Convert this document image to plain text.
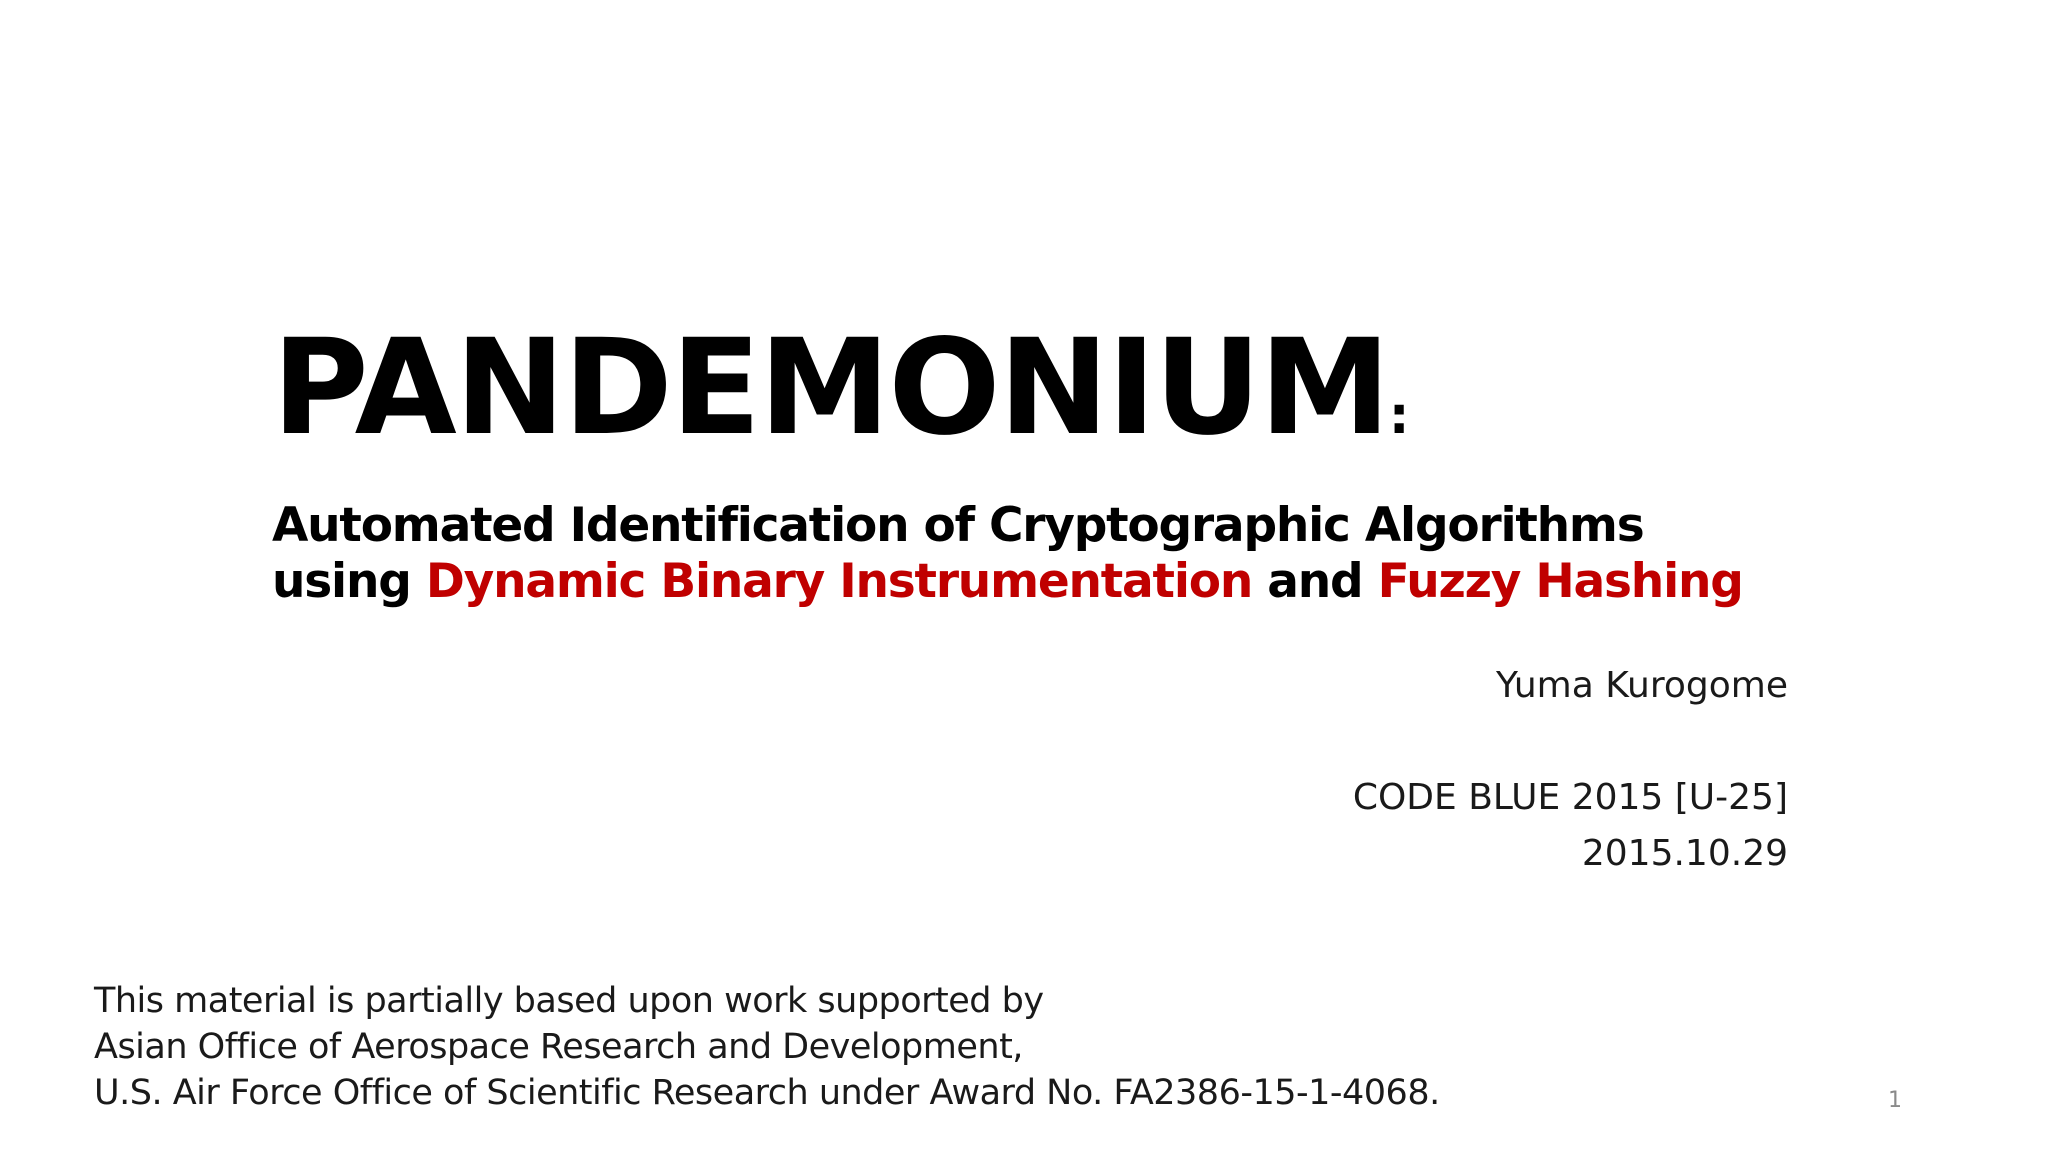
PANDEMONIUM:
Automated Identification of Cryptographic Algorithms
using Dynamic Binary Instrumentation and Fuzzy Hashing
Yuma Kurogome
CODE BLUE 2015 [U-25]
2015.10.29
This material is partially based upon work supported by
Asian Office of Aerospace Research and Development,
U.S. Air Force Office of Scientific Research under Award No. FA2386-15-1-4068.	1
